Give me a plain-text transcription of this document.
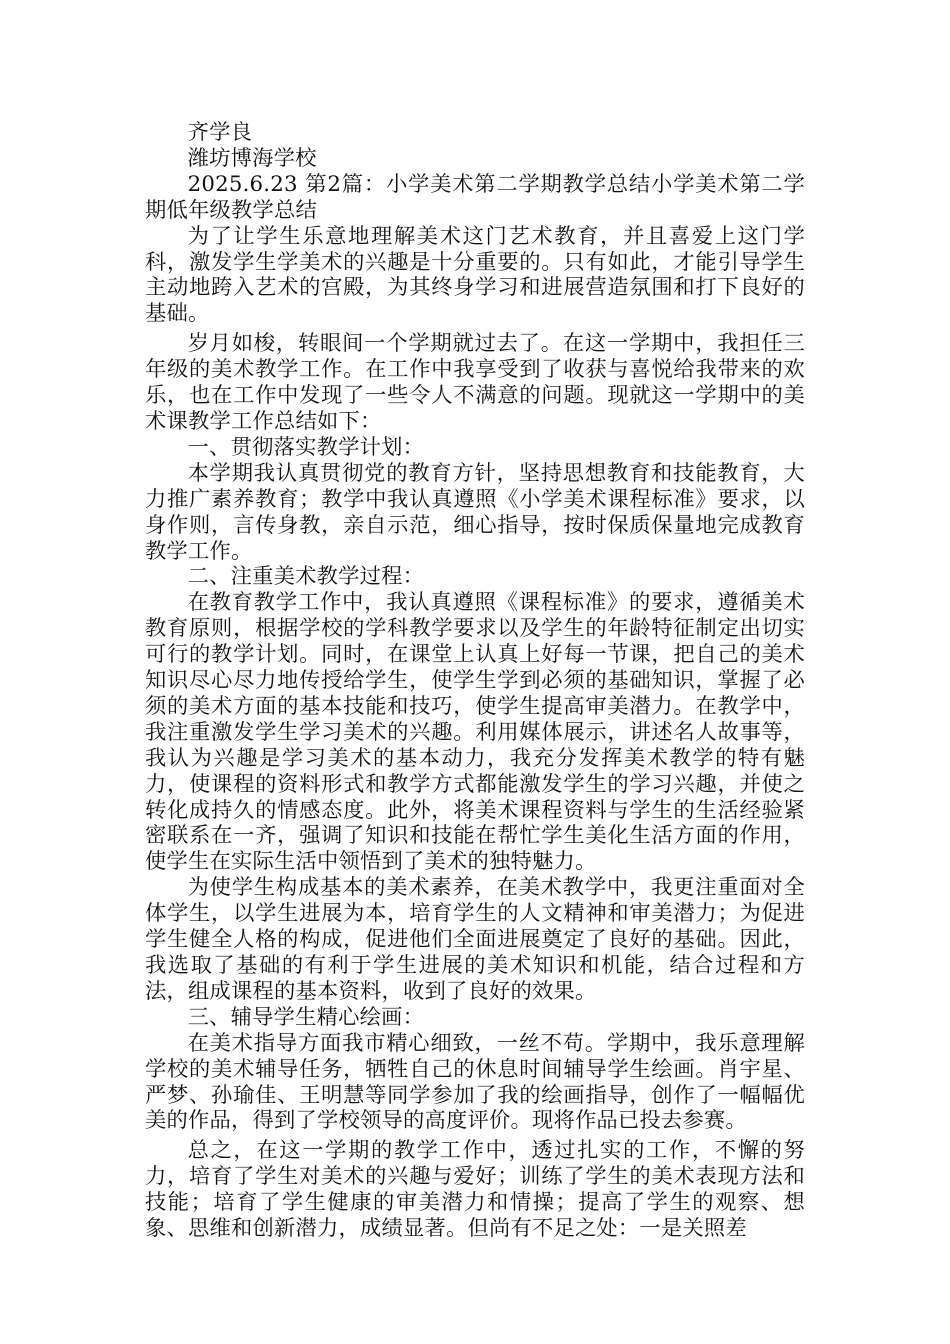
齐学良

潍坊博海学校

2025.6.23 第2篇：小学美术第二学期教学总结小学美术第二学期低年级教学总结

为了让学生乐意地理解美术这门艺术教育，并且喜爱上这门学科，激发学生学美术的兴趣是十分重要的。只有如此，才能引导学生主动地跨入艺术的宫殿，为其终身学习和进展营造氛围和打下良好的基础。

岁月如梭，转眼间一个学期就过去了。在这一学期中，我担任三年级的美术教学工作。在工作中我享受到了收获与喜悦给我带来的欢乐，也在工作中发现了一些令人不满意的问题。现就这一学期中的美术课教学工作总结如下：

一、贯彻落实教学计划：

本学期我认真贯彻党的教育方针，坚持思想教育和技能教育，大力推广素养教育；教学中我认真遵照《小学美术课程标准》要求，以身作则，言传身教，亲自示范，细心指导，按时保质保量地完成教育教学工作。

二、注重美术教学过程：

在教育教学工作中，我认真遵照《课程标准》的要求，遵循美术教育原则，根据学校的学科教学要求以及学生的年龄特征制定出切实可行的教学计划。同时，在课堂上认真上好每一节课，把自己的美术知识尽心尽力地传授给学生，使学生学到必须的基础知识，掌握了必须的美术方面的基本技能和技巧，使学生提高审美潜力。在教学中，我注重激发学生学习美术的兴趣。利用媒体展示，讲述名人故事等，我认为兴趣是学习美术的基本动力，我充分发挥美术教学的特有魅力，使课程的资料形式和教学方式都能激发学生的学习兴趣，并使之转化成持久的情感态度。此外，将美术课程资料与学生的生活经验紧密联系在一齐，强调了知识和技能在帮忙学生美化生活方面的作用，使学生在实际生活中领悟到了美术的独特魅力。

为使学生构成基本的美术素养，在美术教学中，我更注重面对全体学生，以学生进展为本，培育学生的人文精神和审美潜力；为促进学生健全人格的构成，促进他们全面进展奠定了良好的基础。因此，我选取了基础的有利于学生进展的美术知识和机能，结合过程和方法，组成课程的基本资料，收到了良好的效果。

三、辅导学生精心绘画：

在美术指导方面我市精心细致，一丝不苟。学期中，我乐意理解学校的美术辅导任务，牺牲自己的休息时间辅导学生绘画。肖宇星、严梦、孙瑜佳、王明慧等同学参加了我的绘画指导，创作了一幅幅优美的作品，得到了学校领导的高度评价。现将作品已投去参赛。

总之，在这一学期的教学工作中，透过扎实的工作，不懈的努力，培育了学生对美术的兴趣与爱好；训练了学生的美术表现方法和技能；培育了学生健康的审美潜力和情操；提高了学生的观察、想象、思维和创新潜力，成绩显著。但尚有不足之处：一是关照差
